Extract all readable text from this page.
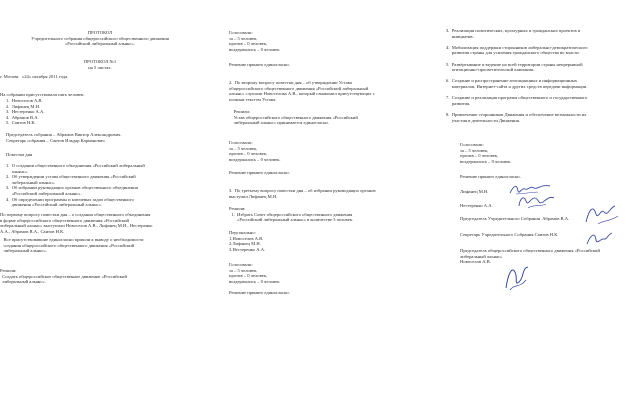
ПРОТОКОЛ
Учредительного собрания общероссийского общественного движения
«Российский либеральный альянс».

ПРОТОКОЛ №1
на 5 листах.

г. Москва   «24» октября 2011 года.

На собрании присутствовали пять человек:

1.  Новоселов А.В.
2.  Лифанец М.Н.
3.  Нестеренко А.А.
4.  Абрамов В.А.
5.  Саитов Н.К.

Председатель собрания – Абрамов Виктор Александрович.
Секретарь собрания – Саитов Ильдар Карманович.

Повестка дня

1.  О создании общественного объединения «Российский либеральный
альянс».
2.  Об утверждении устава общественного движения «Российский
либеральный альянс».
3.  Об избрании руководящих органов общественного объединения
«Российский либеральный альянс».
4.  Об определении программы и ключевых задач общественного
движения «Российский либеральный альянс».

По первому вопросу повестки дня – о создании общественного объединения
в форме общероссийского общественного движения «Российский
либеральный альянс» выступили Новоселов А.В., Лифанец М.Н., Нестеренко
А.А., Абрамов В.А., Саитов Н.К.

Все присутствовавшие единогласно пришли к выводу о необходимости
создания общероссийского общественного движения «Российский
либеральный альянс».

Решили:
Создать общероссийское общественное движение «Российский
либеральный альянс».

Голосовали:
за – 5 человек,
против – 0 человек,
воздержались – 0 человек.

Решение принято единогласно.

2.  По второму вопросу повестки дня – об утверждении Устава
общероссийского общественного движения «Российский либеральный
альянс» слушали Новоселова А.В., который ознакомил присутствующих с
полным текстом Устава.

Решили:
Устав общероссийского общественного движения «Российский
либеральный альянс» принимается единогласно.

Голосовали:
за – 5 человек,
против – 0 человек,
воздержались – 0 человек.

Решение принято единогласно.

3.  По третьему вопросу повестки дня – об избрании руководящих органов
выступил Лифанец М.Н.

Решили:
1.  Избрать Совет общероссийского общественного движения
«Российский либеральный альянс» в количестве 3 человек.

Персонально:
1.Новоселов А.В.
2.Лифанец М.Н.
3.Нестеренко А.А.

Голосовали:
за – 5 человек,
против – 0 человек,
воздержались – 0 человек.

Решение принято единогласно.

3.  Реализация политических, культурных и гражданских проектов и
инициатив.

4.  Мобилизация поддержки сторонников либерально-демократического
развития страны для усиления гражданского общества во власти.

5.  Развёртывание и ведение на всей территории страны непрерывной
агитационно-просветительской кампании.

6.  Создание и распространение агитационных и информационных
материалов, Интернет-сайта и других средств передачи информации.

7.  Создание и реализация программ общественного и государственного
развития.

8.  Привлечение сторонников Движения и обеспечение возможности их
участия в деятельности Движения.

Голосовали:
за – 5 человек,
против – 0 человек,
воздержались – 0 человек.

Решение принято единогласно.

Лифанец М.Н.

Нестеренко А.А.

Председатель Учредительного Собрания  Абрамов В.А.

Секретарь Учредительного Собрания Саитов Н.К.

Председатель общероссийского общественного движения «Российский
либеральный альянс»
Новоселов А.В.
